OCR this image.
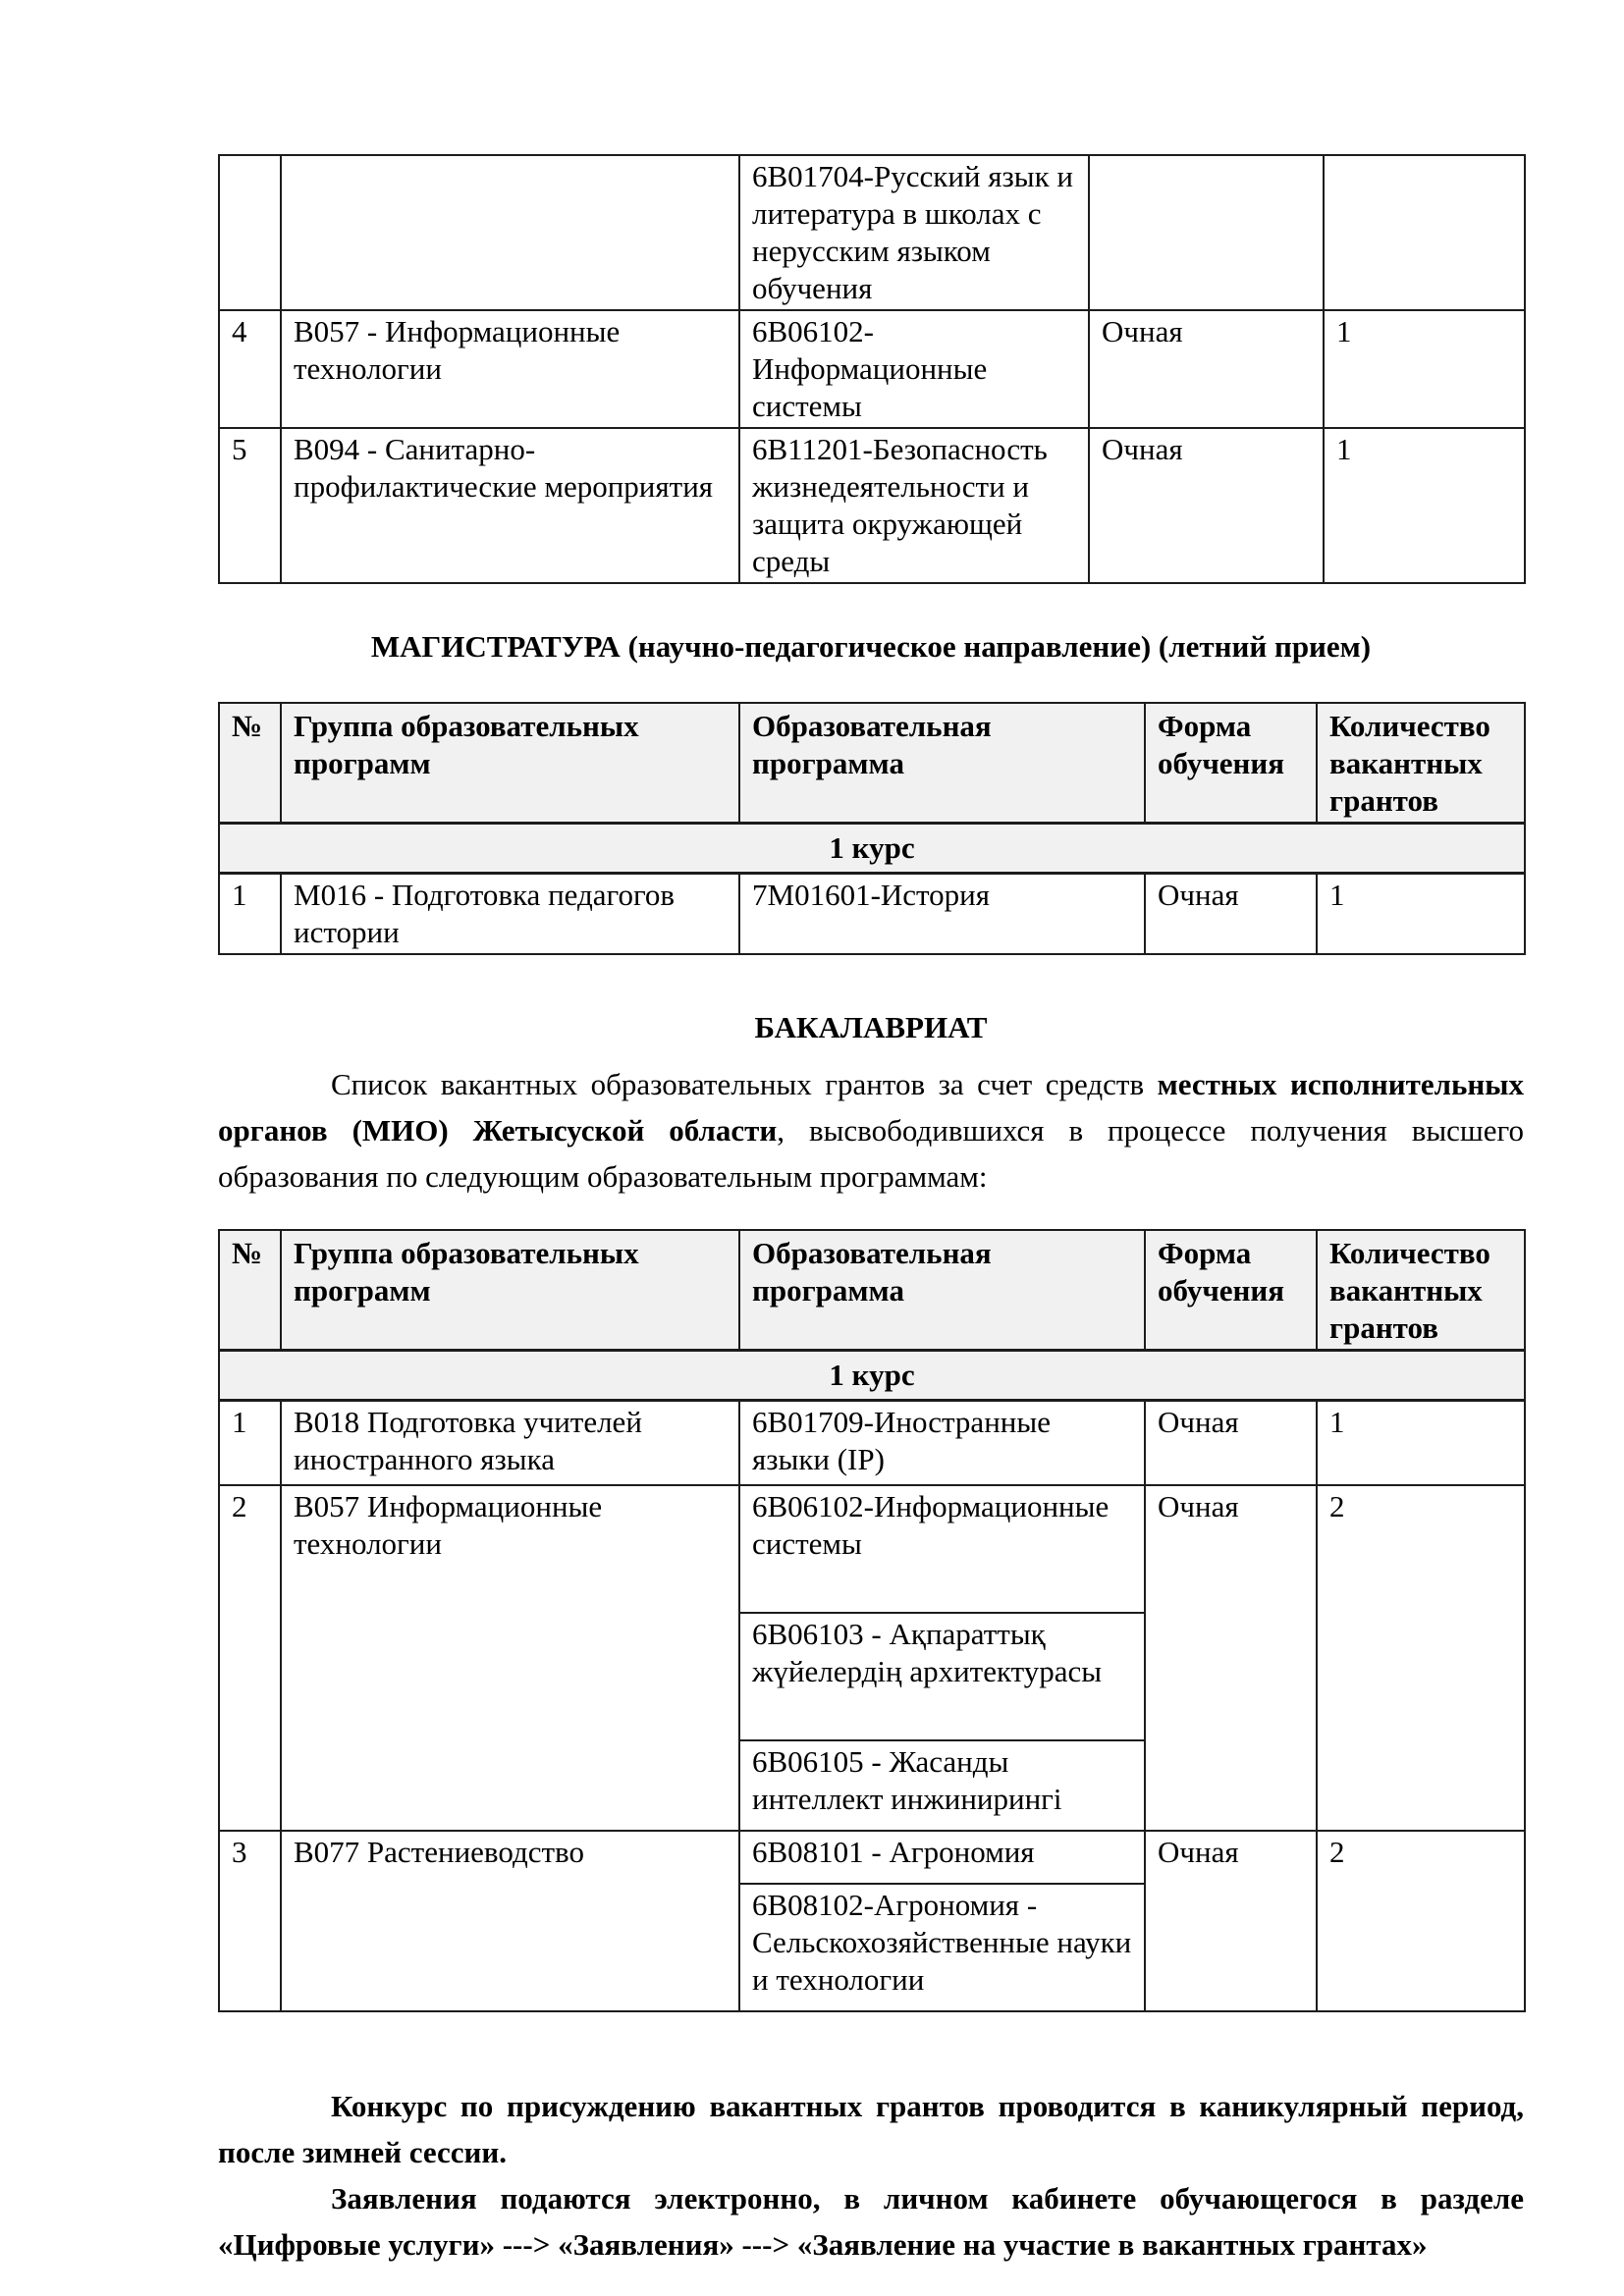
		6В01704-Русский язык и литература в школах с нерусским языком обучения		
4	В057 - Информационные технологии	6В06102-Информационные системы	Очная	1
5	В094 - Санитарно-профилактические мероприятия	6В11201-Безопасность жизнедеятельности и защита окружающей среды	Очная	1
МАГИСТРАТУРА (научно-педагогическое направление) (летний прием)
№	Группа образовательных программ	Образовательная программа	Форма обучения	Количество вакантных грантов
1 курс				
1	М016 - Подготовка педагогов истории	7М01601-История	Очная	1
БАКАЛАВРИАТ

Список вакантных образовательных грантов за счет средств местных исполнительных органов (МИО) Жетысуской области, высвободившихся в процессе получения высшего образования по следующим образовательным программам:

№	Группа образовательных программ	Образовательная программа	Форма обучения	Количество вакантных грантов
1 курс				
1	В018 Подготовка учителей иностранного языка	6В01709-Иностранные языки (IP)	Очная	1
2	В057 Информационные технологии	6В06102-Информационные системы	Очная	2
		6В06103 - Ақпараттық жүйелердің архитектурасы		
		6В06105 - Жасанды интеллект инжинирингі		
3	В077 Растениеводство	6В08101 - Агрономия	Очная	2
		6В08102-Агрономия - Сельскохозяйственные науки и технологии		

Конкурс по присуждению вакантных грантов проводится в каникулярный период, после зимней сессии.

Заявления подаются электронно, в личном кабинете обучающегося в разделе «Цифровые услуги» ---> «Заявления» ---> «Заявление на участие в вакантных грантах»
